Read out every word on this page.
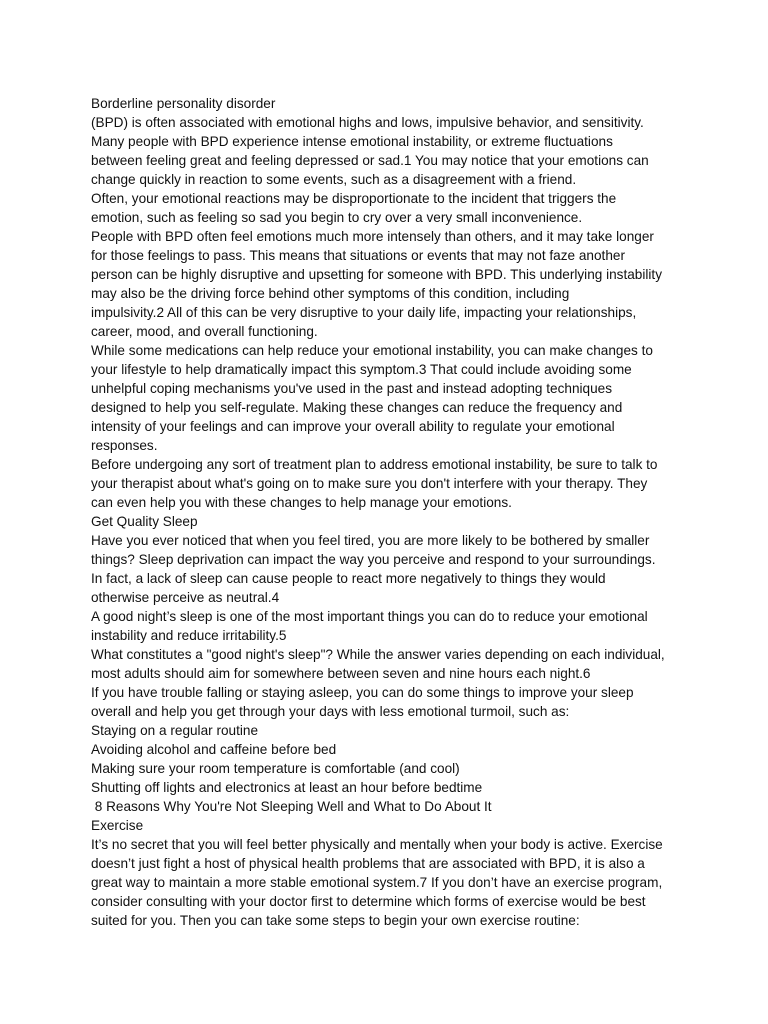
Borderline personality disorder
(BPD) is often associated with emotional highs and lows, impulsive behavior, and sensitivity.
Many people with BPD experience intense emotional instability, or extreme fluctuations
between feeling great and feeling depressed or sad.1 You may notice that your emotions can
change quickly in reaction to some events, such as a disagreement with a friend.
Often, your emotional reactions may be disproportionate to the incident that triggers the
emotion, such as feeling so sad you begin to cry over a very small inconvenience.
People with BPD often feel emotions much more intensely than others, and it may take longer
for those feelings to pass. This means that situations or events that may not faze another
person can be highly disruptive and upsetting for someone with BPD. This underlying instability
may also be the driving force behind other symptoms of this condition, including
impulsivity.2 All of this can be very disruptive to your daily life, impacting your relationships,
career, mood, and overall functioning.
While some medications can help reduce your emotional instability, you can make changes to
your lifestyle to help dramatically impact this symptom.3 That could include avoiding some
unhelpful coping mechanisms you've used in the past and instead adopting techniques
designed to help you self-regulate. Making these changes can reduce the frequency and
intensity of your feelings and can improve your overall ability to regulate your emotional
responses.
Before undergoing any sort of treatment plan to address emotional instability, be sure to talk to
your therapist about what's going on to make sure you don't interfere with your therapy. They
can even help you with these changes to help manage your emotions.
Get Quality Sleep
Have you ever noticed that when you feel tired, you are more likely to be bothered by smaller
things? Sleep deprivation can impact the way you perceive and respond to your surroundings.
In fact, a lack of sleep can cause people to react more negatively to things they would
otherwise perceive as neutral.4
A good night’s sleep is one of the most important things you can do to reduce your emotional
instability and reduce irritability.5
What constitutes a "good night's sleep"? While the answer varies depending on each individual,
most adults should aim for somewhere between seven and nine hours each night.6
If you have trouble falling or staying asleep, you can do some things to improve your sleep
overall and help you get through your days with less emotional turmoil, such as:
Staying on a regular routine
Avoiding alcohol and caffeine before bed
Making sure your room temperature is comfortable (and cool)
Shutting off lights and electronics at least an hour before bedtime
8 Reasons Why You're Not Sleeping Well and What to Do About It
Exercise
It’s no secret that you will feel better physically and mentally when your body is active. Exercise
doesn’t just fight a host of physical health problems that are associated with BPD, it is also a
great way to maintain a more stable emotional system.7 If you don’t have an exercise program,
consider consulting with your doctor first to determine which forms of exercise would be best
suited for you. Then you can take some steps to begin your own exercise routine:
